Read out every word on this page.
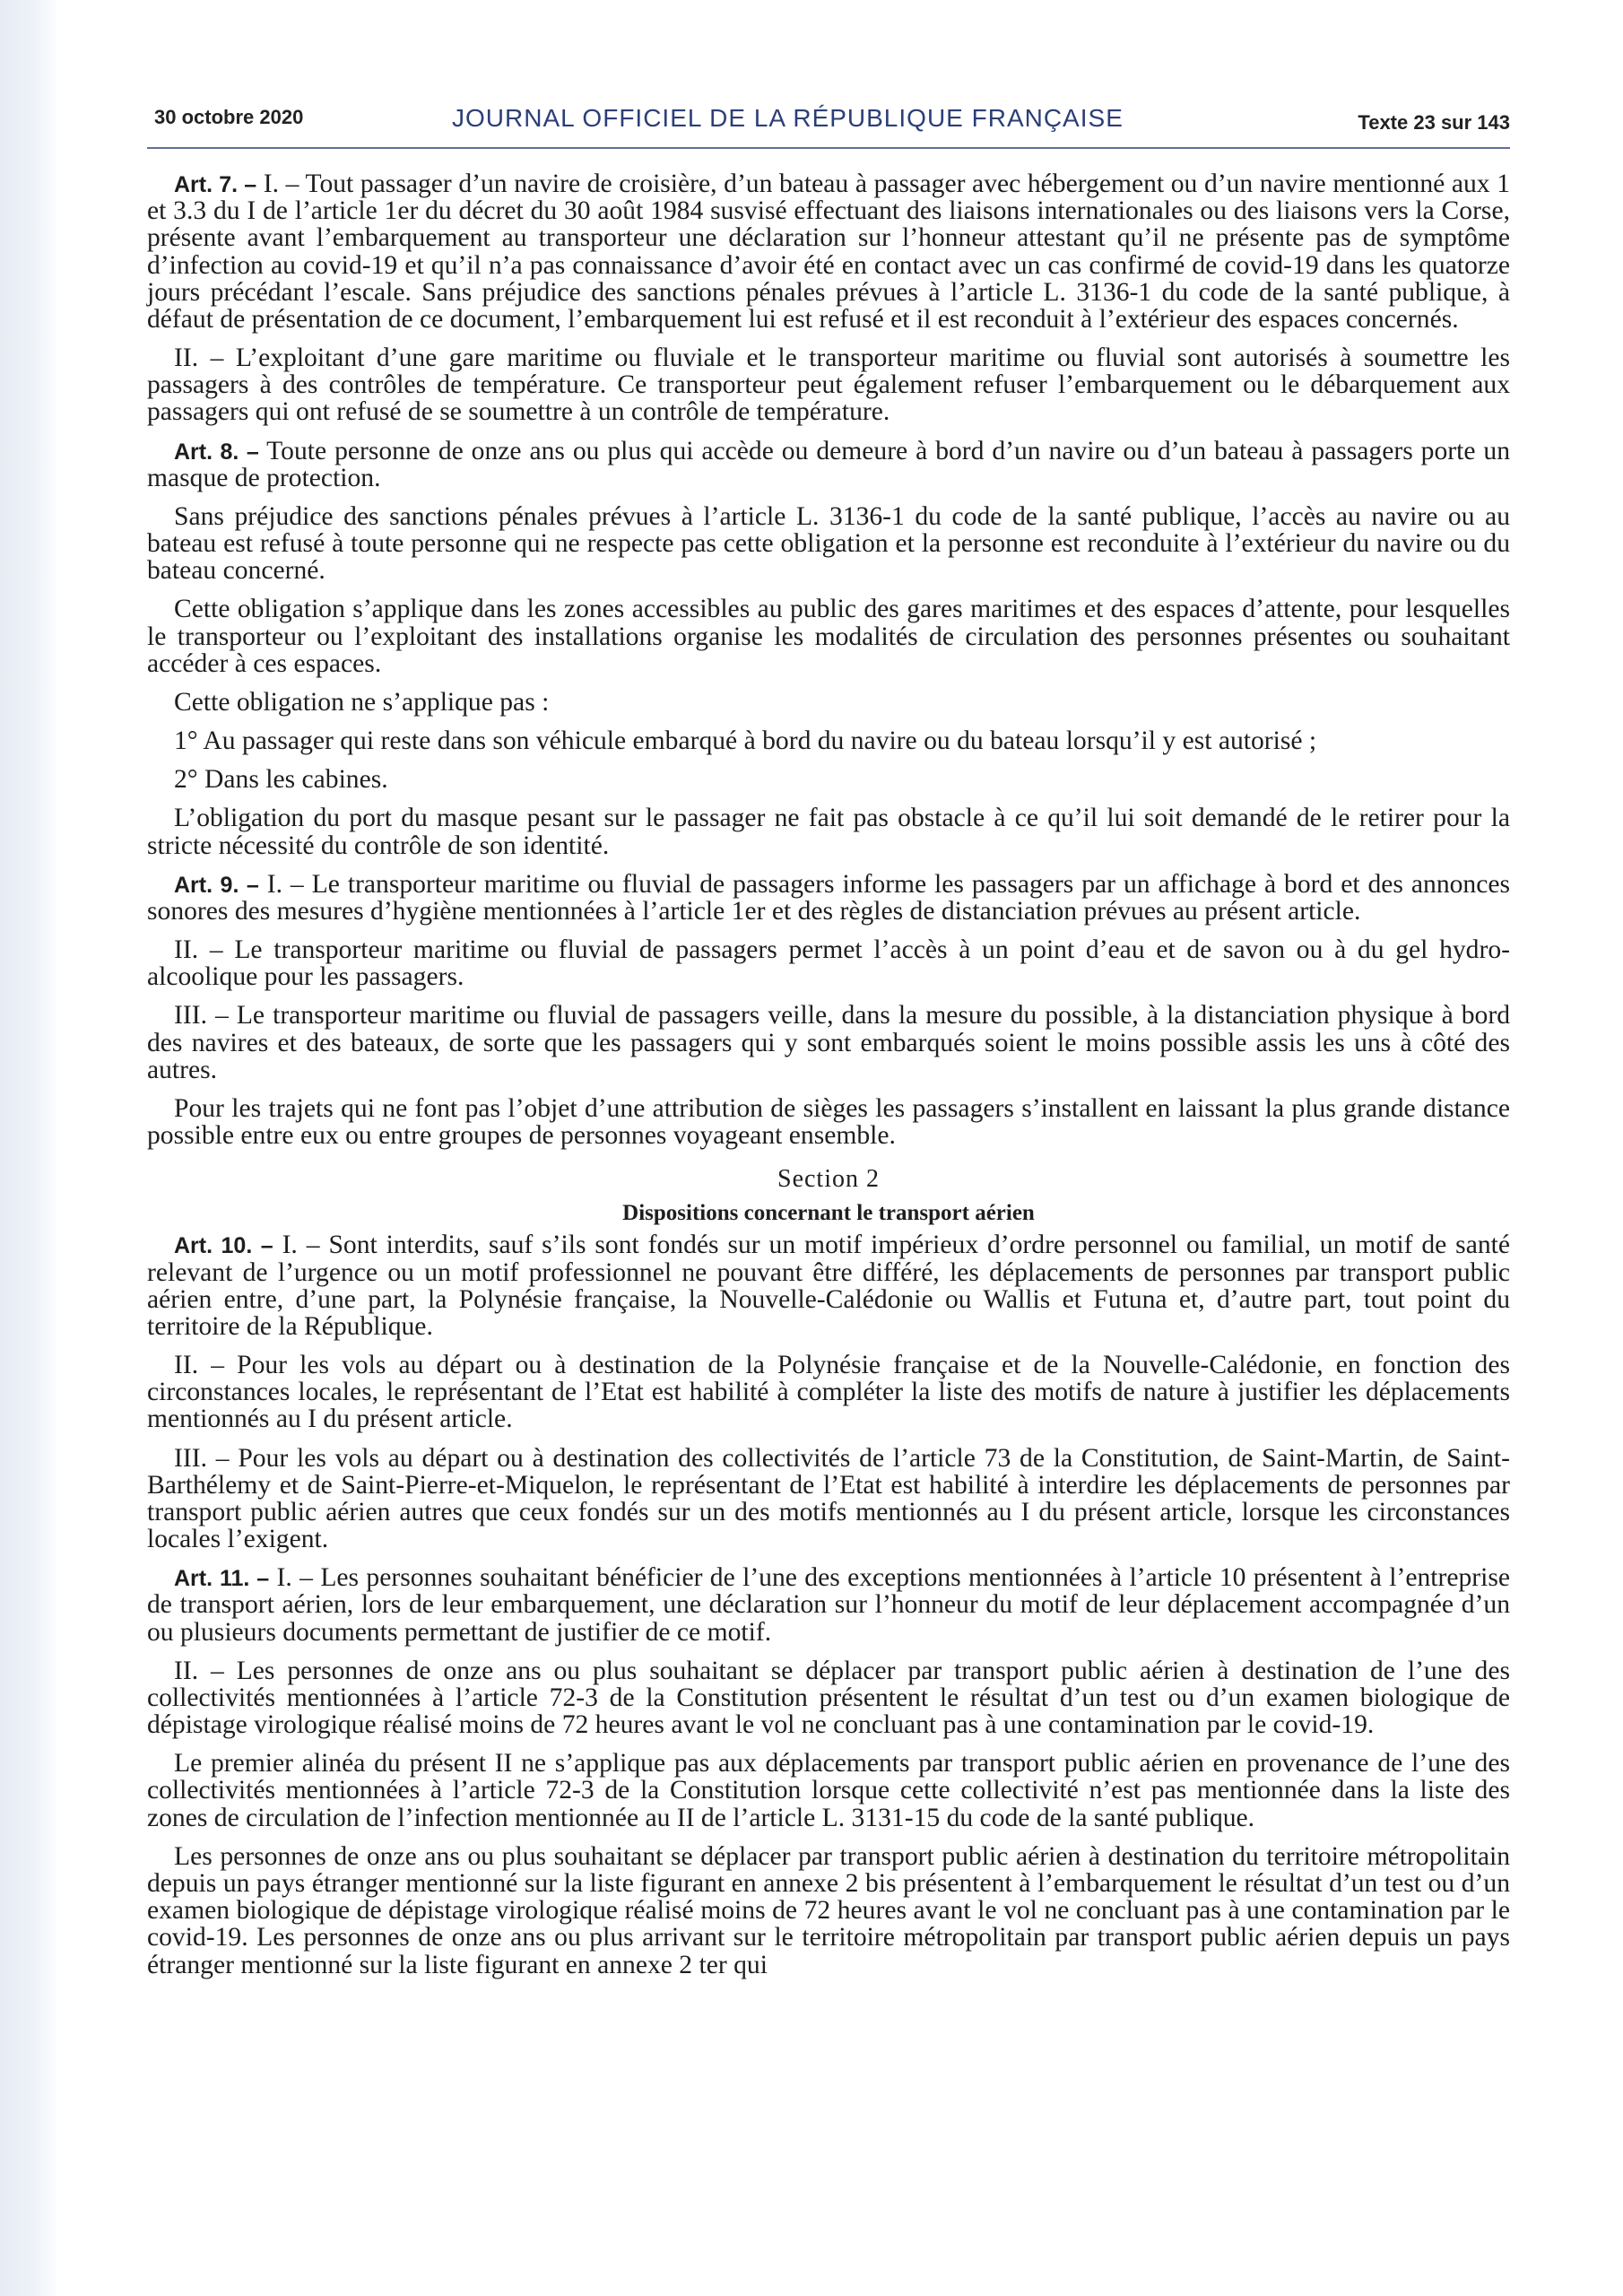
30 octobre 2020	JOURNAL OFFICIEL DE LA RÉPUBLIQUE FRANÇAISE	Texte 23 sur 143

Art. 7. – I. – Tout passager d’un navire de croisière, d’un bateau à passager avec hébergement ou d’un navire mentionné aux 1 et 3.3 du I de l’article 1er du décret du 30 août 1984 susvisé effectuant des liaisons internationales ou des liaisons vers la Corse, présente avant l’embarquement au transporteur une déclaration sur l’honneur attestant qu’il ne présente pas de symptôme d’infection au covid-19 et qu’il n’a pas connaissance d’avoir été en contact avec un cas confirmé de covid-19 dans les quatorze jours précédant l’escale. Sans préjudice des sanctions pénales prévues à l’article L. 3136-1 du code de la santé publique, à défaut de présentation de ce document, l’embarquement lui est refusé et il est reconduit à l’extérieur des espaces concernés.

II. – L’exploitant d’une gare maritime ou fluviale et le transporteur maritime ou fluvial sont autorisés à soumettre les passagers à des contrôles de température. Ce transporteur peut également refuser l’embarquement ou le débarquement aux passagers qui ont refusé de se soumettre à un contrôle de température.

Art. 8. – Toute personne de onze ans ou plus qui accède ou demeure à bord d’un navire ou d’un bateau à passagers porte un masque de protection.

Sans préjudice des sanctions pénales prévues à l’article L. 3136-1 du code de la santé publique, l’accès au navire ou au bateau est refusé à toute personne qui ne respecte pas cette obligation et la personne est reconduite à l’extérieur du navire ou du bateau concerné.

Cette obligation s’applique dans les zones accessibles au public des gares maritimes et des espaces d’attente, pour lesquelles le transporteur ou l’exploitant des installations organise les modalités de circulation des personnes présentes ou souhaitant accéder à ces espaces.

Cette obligation ne s’applique pas :

1° Au passager qui reste dans son véhicule embarqué à bord du navire ou du bateau lorsqu’il y est autorisé ;

2° Dans les cabines.

L’obligation du port du masque pesant sur le passager ne fait pas obstacle à ce qu’il lui soit demandé de le retirer pour la stricte nécessité du contrôle de son identité.

Art. 9. – I. – Le transporteur maritime ou fluvial de passagers informe les passagers par un affichage à bord et des annonces sonores des mesures d’hygiène mentionnées à l’article 1er et des règles de distanciation prévues au présent article.

II. – Le transporteur maritime ou fluvial de passagers permet l’accès à un point d’eau et de savon ou à du gel hydro-alcoolique pour les passagers.

III. – Le transporteur maritime ou fluvial de passagers veille, dans la mesure du possible, à la distanciation physique à bord des navires et des bateaux, de sorte que les passagers qui y sont embarqués soient le moins possible assis les uns à côté des autres.

Pour les trajets qui ne font pas l’objet d’une attribution de sièges les passagers s’installent en laissant la plus grande distance possible entre eux ou entre groupes de personnes voyageant ensemble.

Section 2

Dispositions concernant le transport aérien

Art. 10. – I. – Sont interdits, sauf s’ils sont fondés sur un motif impérieux d’ordre personnel ou familial, un motif de santé relevant de l’urgence ou un motif professionnel ne pouvant être différé, les déplacements de personnes par transport public aérien entre, d’une part, la Polynésie française, la Nouvelle-Calédonie ou Wallis et Futuna et, d’autre part, tout point du territoire de la République.

II. – Pour les vols au départ ou à destination de la Polynésie française et de la Nouvelle-Calédonie, en fonction des circonstances locales, le représentant de l’Etat est habilité à compléter la liste des motifs de nature à justifier les déplacements mentionnés au I du présent article.

III. – Pour les vols au départ ou à destination des collectivités de l’article 73 de la Constitution, de Saint-Martin, de Saint-Barthélemy et de Saint-Pierre-et-Miquelon, le représentant de l’Etat est habilité à interdire les déplacements de personnes par transport public aérien autres que ceux fondés sur un des motifs mentionnés au I du présent article, lorsque les circonstances locales l’exigent.

Art. 11. – I. – Les personnes souhaitant bénéficier de l’une des exceptions mentionnées à l’article 10 présentent à l’entreprise de transport aérien, lors de leur embarquement, une déclaration sur l’honneur du motif de leur déplacement accompagnée d’un ou plusieurs documents permettant de justifier de ce motif.

II. – Les personnes de onze ans ou plus souhaitant se déplacer par transport public aérien à destination de l’une des collectivités mentionnées à l’article 72-3 de la Constitution présentent le résultat d’un test ou d’un examen biologique de dépistage virologique réalisé moins de 72 heures avant le vol ne concluant pas à une contamination par le covid-19.

Le premier alinéa du présent II ne s’applique pas aux déplacements par transport public aérien en provenance de l’une des collectivités mentionnées à l’article 72-3 de la Constitution lorsque cette collectivité n’est pas mentionnée dans la liste des zones de circulation de l’infection mentionnée au II de l’article L. 3131-15 du code de la santé publique.

Les personnes de onze ans ou plus souhaitant se déplacer par transport public aérien à destination du territoire métropolitain depuis un pays étranger mentionné sur la liste figurant en annexe 2 bis présentent à l’embarquement le résultat d’un test ou d’un examen biologique de dépistage virologique réalisé moins de 72 heures avant le vol ne concluant pas à une contamination par le covid-19. Les personnes de onze ans ou plus arrivant sur le territoire métropolitain par transport public aérien depuis un pays étranger mentionné sur la liste figurant en annexe 2 ter qui
